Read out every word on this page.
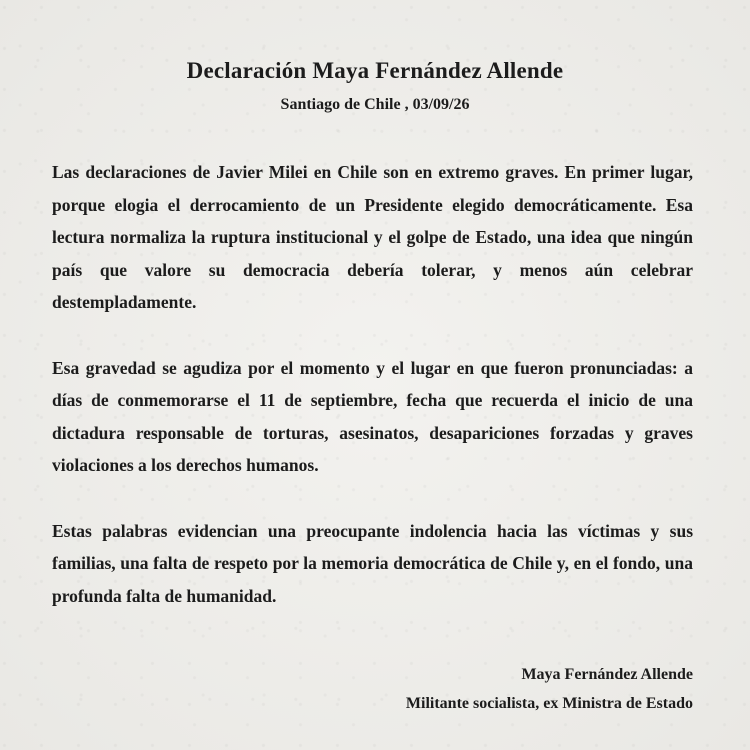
Declaración Maya Fernández Allende
Santiago de Chile , 03/09/26

Las declaraciones de Javier Milei en Chile son en extremo graves. En primer lugar, porque elogia el derrocamiento de un Presidente elegido democráticamente. Esa lectura normaliza la ruptura institucional y el golpe de Estado, una idea que ningún país que valore su democracia debería tolerar, y menos aún celebrar destempladamente.

Esa gravedad se agudiza por el momento y el lugar en que fueron pronunciadas: a días de conmemorarse el 11 de septiembre, fecha que recuerda el inicio de una dictadura responsable de torturas, asesinatos, desapariciones forzadas y graves violaciones a los derechos humanos.

Estas palabras evidencian una preocupante indolencia hacia las víctimas y sus familias, una falta de respeto por la memoria democrática de Chile y, en el fondo, una profunda falta de humanidad.

Maya Fernández Allende
Militante socialista, ex Ministra de Estado
